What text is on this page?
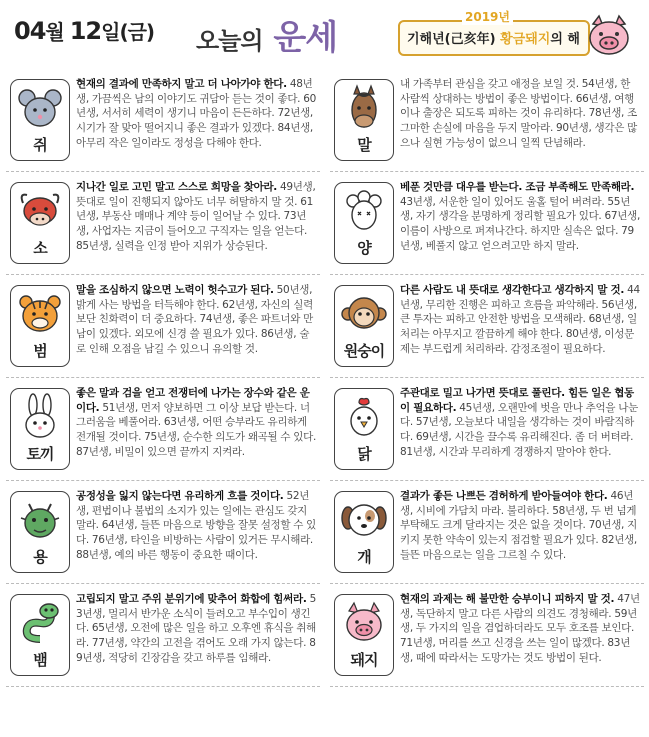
04월 12일(금) 오늘의 운세
2019년
기해년(己亥年) 황금돼지의 해
쥐
현재의 결과에 만족하지 말고 더 나아가야 한다. 48년생, 가끔씩은 남의 이야기도 귀담아 듣는 것이 좋다. 60년생, 서서히 세력이 생기니 마음이 든든하다. 72년생, 시기가 잘 맞아 떨어지니 좋은 결과가 있겠다. 84년생, 아무리 작은 일이라도 정성을 다해야 한다.
소
지나간 일로 고민 말고 스스로 희망을 찾아라. 49년생, 뜻대로 일이 진행되지 않아도 너무 허탈하지 말 것. 61년생, 부동산 매매나 계약 등이 일어날 수 있다. 73년생, 사업자는 지금이 들어오고 구직자는 일을 얻는다. 85년생, 실력을 인정 받아 지위가 상승된다.
범
말을 조심하지 않으면 노력이 헛수고가 된다. 50년생, 밝게 사는 방법을 터득해야 한다. 62년생, 자신의 실력보단 친화력이 더 중요하다. 74년생, 좋은 파트너와 만남이 있겠다. 외모에 신경 쓸 필요가 있다. 86년생, 술로 인해 오점을 남길 수 있으니 유의할 것.
토끼
좋은 말과 검을 얻고 전쟁터에 나가는 장수와 같은 운이다. 51년생, 먼저 양보하면 그 이상 보답 받는다. 너그러움을 베풀어라. 63년생, 어떤 승부라도 유리하게 전개될 것이다. 75년생, 순수한 의도가 왜곡될 수 있다. 87년생, 비밀이 있으면 끝까지 지켜라.
용
공정성을 잃지 않는다면 유리하게 흐를 것이다. 52년생, 편법이나 불법의 소지가 있는 일에는 관심도 갖지 말라. 64년생, 들뜬 마음으로 방향을 잘못 설정할 수 있다. 76년생, 타인을 비방하는 사람이 있거든 무시해라. 88년생, 예의 바른 행동이 중요한 때이다.
뱀
고립되지 말고 주위 분위기에 맞추어 화합에 힘써라. 53년생, 멀리서 반가운 소식이 들려오고 부수입이 생긴다. 65년생, 오전에 많은 일을 하고 오후엔 휴식을 취해라. 77년생, 약간의 고전을 겪어도 오래 가지 않는다. 89년생, 적당히 긴장감을 갖고 하루를 임해라.
말
내 가족부터 관심을 갖고 애정을 보일 것. 54년생, 한 사람씩 상대하는 방법이 좋은 방법이다. 66년생, 여행이나 출장은 되도록 피하는 것이 유리하다. 78년생, 조그마한 손실에 마음을 두지 말아라. 90년생, 생각은 많으나 실현 가능성이 없으니 일찍 단념해라.
양
베푼 것만큼 대우를 받는다. 조금 부족해도 만족해라. 43년생, 서운한 일이 있어도 울홀 털어 버려라. 55년생, 자기 생각을 분명하게 정리할 필요가 있다. 67년생, 이름이 사방으로 퍼져나간다. 하지만 실속은 없다. 79년생, 베풀지 않고 얻으려고만 하지 말라.
원숭이
다른 사람도 내 뜻대로 생각한다고 생각하지 말 것. 44년생, 무리한 진행은 피하고 흐름을 파악해라. 56년생, 큰 투자는 피하고 안전한 방법을 모색해라. 68년생, 일 처리는 아무지고 깔끔하게 해야 한다. 80년생, 이성문제는 부드럽게 처리하라. 감정조절이 필요하다.
닭
주관대로 밀고 나가면 뜻대로 풀린다. 힘든 일은 협동이 필요하다. 45년생, 오랜만에 벗을 만나 추억을 나눈다. 57년생, 오늘보다 내일을 생각하는 것이 바람직하다. 69년생, 시간을 끌수록 유리해진다. 좀 더 버텨라. 81년생, 시간과 무리하게 경쟁하지 말아야 한다.
개
결과가 좋든 나쁘든 겸허하게 받아들여야 한다. 46년생, 시비에 가담치 마라. 불리하다. 58년생, 두 번 넘게 부탁해도 크게 달라지는 것은 없을 것이다. 70년생, 지키지 못한 약속이 있는지 점검할 필요가 있다. 82년생, 들뜬 마음으로는 일을 그르칠 수 있다.
돼지
현재의 과제는 해 불만한 승부이니 피하지 말 것. 47년생, 독단하지 말고 다른 사람의 의견도 경청해라. 59년생, 두 가지의 일을 겸업하더라도 모두 호조를 보인다. 71년생, 머리를 쓰고 신경을 쓰는 일이 많겠다. 83년생, 때에 따라서는 도망가는 것도 방법이 된다.
